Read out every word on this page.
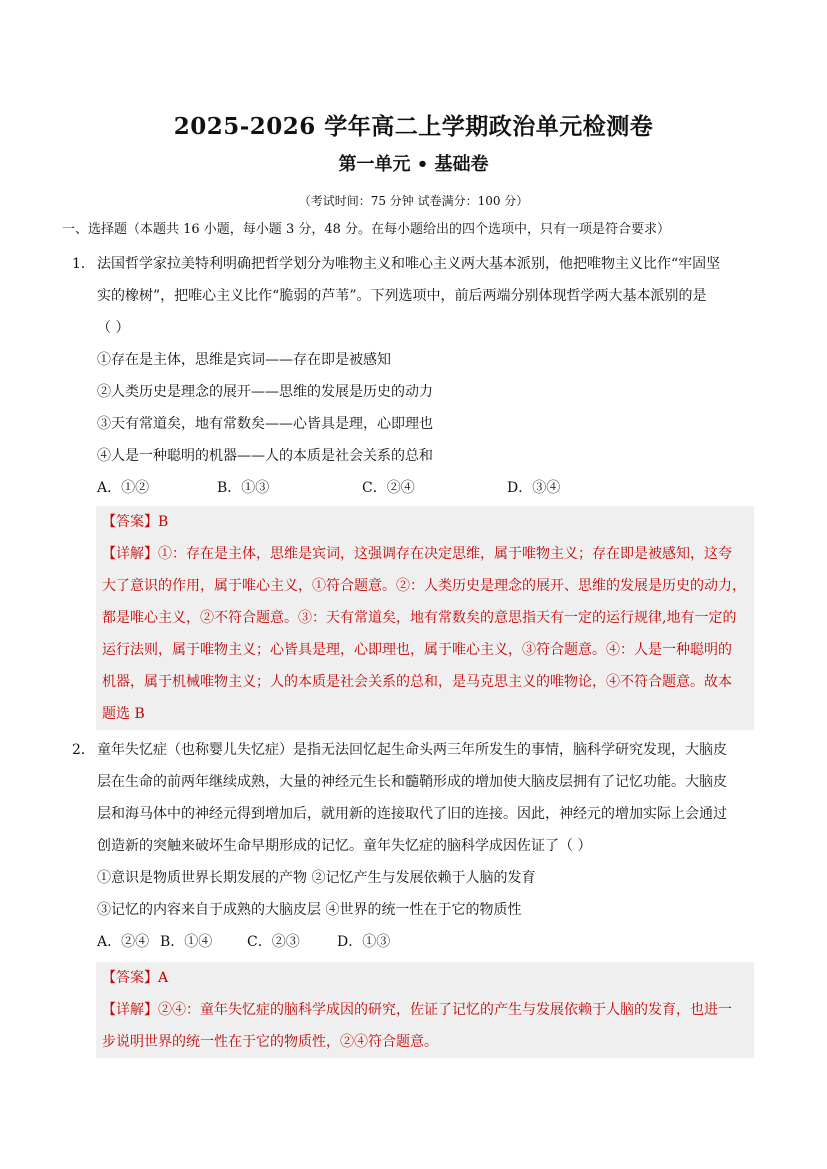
2025-2026 学年高二上学期政治单元检测卷
第一单元 • 基础卷
（考试时间：75 分钟 试卷满分：100 分）
一、选择题（本题共 16 小题，每小题 3 分，48 分。在每小题给出的四个选项中，只有一项是符合要求）
1． 法国哲学家拉美特利明确把哲学划分为唯物主义和唯心主义两大基本派别，他把唯物主义比作“牢固坚
实的橡树”，把唯心主义比作“脆弱的芦苇”。下列选项中，前后两端分别体现哲学两大基本派别的是
（ ）
①存在是主体，思维是宾词——存在即是被感知
②人类历史是理念的展开——思维的发展是历史的动力
③天有常道矣，地有常数矣——心皆具是理，心即理也
④人是一种聪明的机器——人的本质是社会关系的总和
A．①②	B．①③	C．②④	D．③④
【答案】B
【详解】①：存在是主体，思维是宾词，这强调存在决定思维，属于唯物主义；存在即是被感知，这夸
大了意识的作用，属于唯心主义，①符合题意。②：人类历史是理念的展开、思维的发展是历史的动力，
都是唯心主义，②不符合题意。③：天有常道矣，地有常数矣的意思指天有一定的运行规律,地有一定的
运行法则，属于唯物主义；心皆具是理，心即理也，属于唯心主义，③符合题意。④：人是一种聪明的
机器，属于机械唯物主义；人的本质是社会关系的总和，是马克思主义的唯物论，④不符合题意。故本
题选 B
2． 童年失忆症（也称婴儿失忆症）是指无法回忆起生命头两三年所发生的事情，脑科学研究发现，大脑皮
层在生命的前两年继续成熟，大量的神经元生长和髓鞘形成的增加使大脑皮层拥有了记忆功能。大脑皮
层和海马体中的神经元得到增加后，就用新的连接取代了旧的连接。因此，神经元的增加实际上会通过
创造新的突触来破坏生命早期形成的记忆。童年失忆症的脑科学成因佐证了（ ）
①意识是物质世界长期发展的产物 ②记忆产生与发展依赖于人脑的发育
③记忆的内容来自于成熟的大脑皮层 ④世界的统一性在于它的物质性
A．②④ B．①④ C．②③	D．①③
【答案】A
【详解】②④：童年失忆症的脑科学成因的研究，佐证了记忆的产生与发展依赖于人脑的发育，也进一
步说明世界的统一性在于它的物质性，②④符合题意。
